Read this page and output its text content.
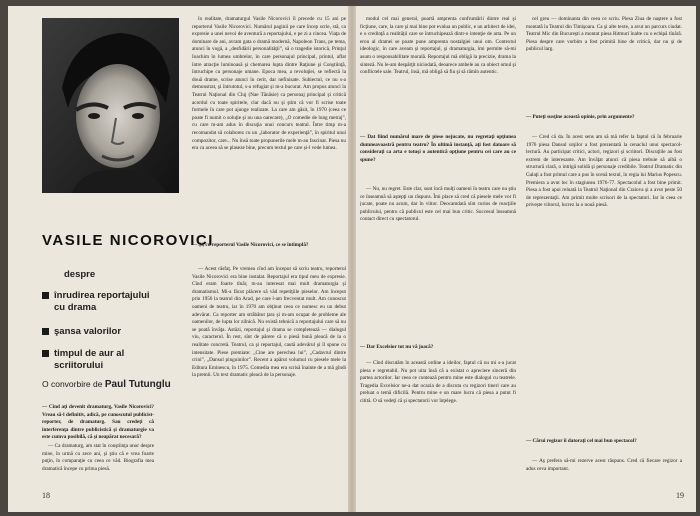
VASILE NICOROVICI
despre
înrudirea reportajului cu drama
şansa valorilor
timpul de aur al scriitorului
O convorbire de Paul Tutunglu

— Cînd aţi devenit dramaturg, Vasile Nicorovici? Vreau să-l definitiv, adică, pe cunoscutul publicist-reporter, de dramaturg. Sau credeţi că interferenţa dintre publicistică şi dramaturgie va este cumva posibilă, că şi neapărat necesară?

— Ca dramaturg, am stat în conştiinţa unor despre mine, în urmă cu zece ani, şi ştiu că e vrea foarte puţin, în comparaţie cu ceea ce văd. Biografia mea dramatică începe cu prima piesă.

în realitate, dramaturgul Vasile Nicorovici îl precede cu 15 ani pe reporterul Vasile Nicorovici. Numărul paginii pe care încep scrie, stă, ca expresie a unei nevoi de aventură a reportajului, e pe zi a cincea. Viaţa de dominare de ani, avram gata o dramă modernă, Napoleon Trans, pe tema, atunci în vogă, a „desfidării personalităţii”, să o tragedie istorică, Prinţul Ioachim în lumea umbrelor, în care personajul principal, printul, aflat între atracţie luminoasă şi chemarea lupta dintre Raţiune şi Conştiinţă, întruchipe cu personaje umane. Epoca mea, a revoluţiei, se reflectă la două drame, scrise atunci în cerit, dar nefinisate. Subiectul, ce nu s-a demonstrat, şi întrutotul, s-a refugiat şi m-a bucurat. Am propus atunci la Teatrul Naţional din Cluj (Nae Tănăsie) ca personaj principal şi critică acordul cu toate spiritele, clar dacă nu şi ştim că vor fi scrise toate formele în care pot ajunge realizate. La care am găsit, în 1970 (ceea ce poate fi numit o soluţie şi nu una oarecare), „O comedie de lung metraj”, cu care m-am adus în discuţia unui concurs teatral. Între timp m-a recomandat să colaborez cu un „laborator de experienţă”, în spiritul unui compozitor, care... Nu însă toate propunerile mele m-au fascinat. Piesa nu era ca aceea să se plaseze bine, precum textul pe care și-l vede lumea.

— Şi, cu reporterul Vasile Nicorovici, ce se întîmplă?

— Acest răsfaţ. Pe vremea cînd am început să scriu teatru, reporterul Vasile Nicorovici era bine instalat. Reportajul era tipul meu de expresie. Cînd eram foarte tînăr, m-au interesat mai mult dramaturgia şi dramatismul. Mi-a făcut plăcere să văd repetiţiile pieselor. Am început prin 1956 la teatrul din Arad, pe care l-am frecventat mult. Am cunoscut oameni de teatru, iar în 1970 am obţinut ceea ce numesc eu un debut adevărat. Ca reporter am străbătut ţara şi m-am ocupat de probleme ale oamenilor, de lupta lor zilnică. Nu există tehnică a reportajului care să nu se poată învăţa. Astăzi, reportajul şi drama se completează — dialogul viu, caracterul. În rest, sînt de părere că o piesă bună pleacă de la o realitate concretă. Teatrul, ca şi reportajul, caută adevărul şi îl spune cu intensitate. Piese premiate: „Cine are perechea lui”, „Cadavrul dintre crini”, „Dansul pinguinilor”. Recent a apărut volumul cu piesele mele la Editura Eminescu, în 1975. Comedia mea era scrisă înainte de a mă gîndi la premii. Un text dramatic pleacă de la personaje.

18

modul cel mai general, poartă amprenta confruntării dintre real şi ficţiune, care, la care şi mai bine pot evalua un public, e un arhitect de idei, e o credinţă a realităţii care se întruchipează dintr-o intenţie de arta. Pe un erou al dramei se poate pune amprenta nostalgiei unui om. Contextul ideologic, în care aveam şi reportajul, şi dramaturgia, îmi permite să-mi asum o responsabilitate morală. Reportajul mă obligă la precizie, drama la sinteză. Nu le-am despărţit niciodată, deoarece ambele au ca obiect omul şi conflictele sale. Teatrul, însă, mă obligă să fiu şi să rămîn autentic.

— Dat fiind numărul mare de piese nejucate, nu regretaţi opţiunea dumneavoastră pentru teatru? În ultimă instanţă, aţi fost datoare să consideraţi ca arta e totuşi o autentică opţiune pentru cei care au ce spune?

— Nu, nu regret. Este clar, sunt încă mulţi oameni în teatru care nu ştiu ce înseamnă să aştepţi un răspuns. Îmi place să cred că piesele mele vor fi jucate, poate nu acum, dar în viitor. Deocamdată sînt curios de reacţiile publicului, pentru că publicul este cel mai bun critic. Succesul înseamnă contact direct cu spectatorul.

— Dar Excelsior tot nu vă joacă?

— Cînd discutăm în această ordine a ideilor, faptul că nu mi s-a jucat piesa e regretabil. Nu pot uita însă că a existat o apreciere sinceră din partea actorilor. Iar ceea ce contează pentru mine este dialogul cu teatrele. Tragedia Excelsior ne-a dat ocazia de a discuta cu regizori tineri care au preluat o temă dificilă. Pentru mine e un mare lucru că piesa a putut fi citită. O să vedeţi că şi spectatorii vor înţelege.

cel greu — dominanta din ceea ce scriu. Piesa Ziua de naştere a fost montată la Teatrul din Timişoara. Ca şi alte texte, a avut un parcurs ciudat. Teatrul Mic din Bucureşti a montat piesa Ritmuri înalte cu o echipă tînără. Piesa despre care vorbim a fost primită bine de critică, dar nu şi de publicul larg.

— Puteţi susţine această opinie, prin argumente?

— Cred că da. În acest sens am să mă refer la faptul că în februarie 1976 piesa Dansul urşilor a fost prezentată la cenaclul unui spectacol-lectură. Au participat critici, actori, regizori şi scriitori. Discuţiile au fost extrem de interesante. Am învăţat atunci că piesa trebuie să aibă o structură clară, o intrigă solidă şi personaje credibile. Teatrul Dramatic din Galaţi a fost primul care a pus în scenă textul, în regia lui Marius Popescu. Premiera a avut loc în stagiunea 1976-77. Spectacolul a fost bine primit. Piesa a fost apoi reluată la Teatrul Naţional din Craiova şi a avut peste 50 de reprezentaţii. Am primit multe scrisori de la spectatori. Iar în ceea ce priveşte viitorul, lucrez la o nouă piesă.

— Cărui regizor îi datoraţi cel mai bun spectacol?

— Aş prefera să-mi rezerve acest răspuns. Cred că fiecare regizor a adus ceva important.

19
